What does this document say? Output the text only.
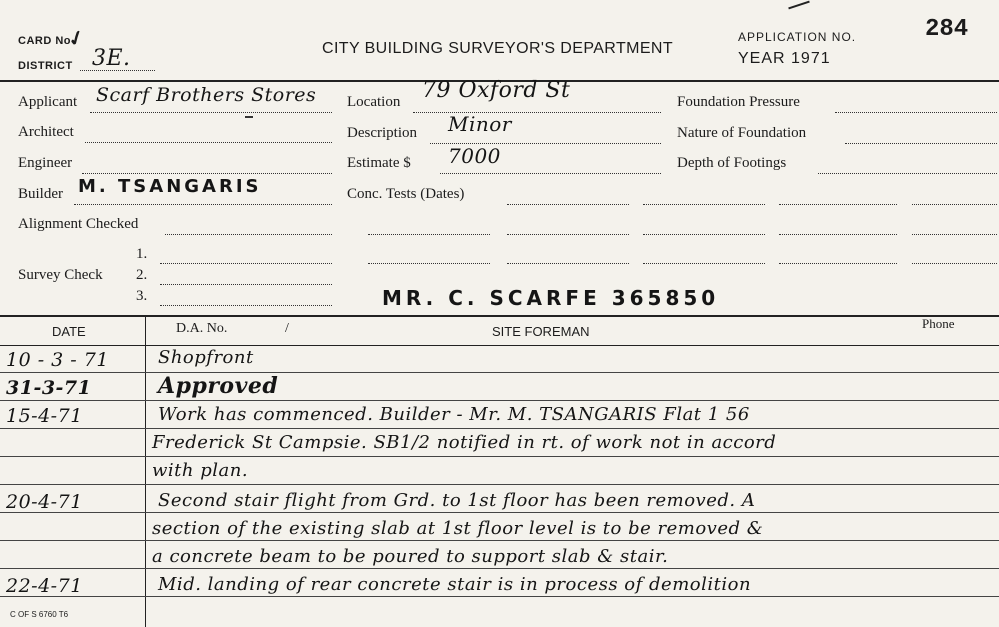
CARD No
✓
DISTRICT 3E.	CITY BUILDING SURVEYOR'S DEPARTMENT
APPLICATION NO.
YEAR 1971
284
Applicant Scarf Brothers Stores
Architect
Engineer
Builder M. TSANGARIS
Alignment Checked
1.
Survey Check 2.
3.
Location 79 Oxford St
Description Minor
Estimate $ 7000
Conc. Tests (Dates)
MR. C. SCARFE 365850
Foundation Pressure
Nature of Foundation
Depth of Footings
DATE	D.A. No.	/	SITE FOREMAN
Phone
10 - 3 - 71	Shopfront
31-3-71	Approved
15-4-71	Work has commenced. Builder - Mr. M. TSANGARIS Flat 1 56
Frederick St Campsie. SB1/2 notified in rt. of work not in accord
with plan.
20-4-71	Second stair flight from Grd. to 1st floor has been removed. A
section of the existing slab at 1st floor level is to be removed &
a concrete beam to be poured to support slab & stair.
22-4-71	Mid. landing of rear concrete stair is in process of demolition
C OF S 6760 T6
